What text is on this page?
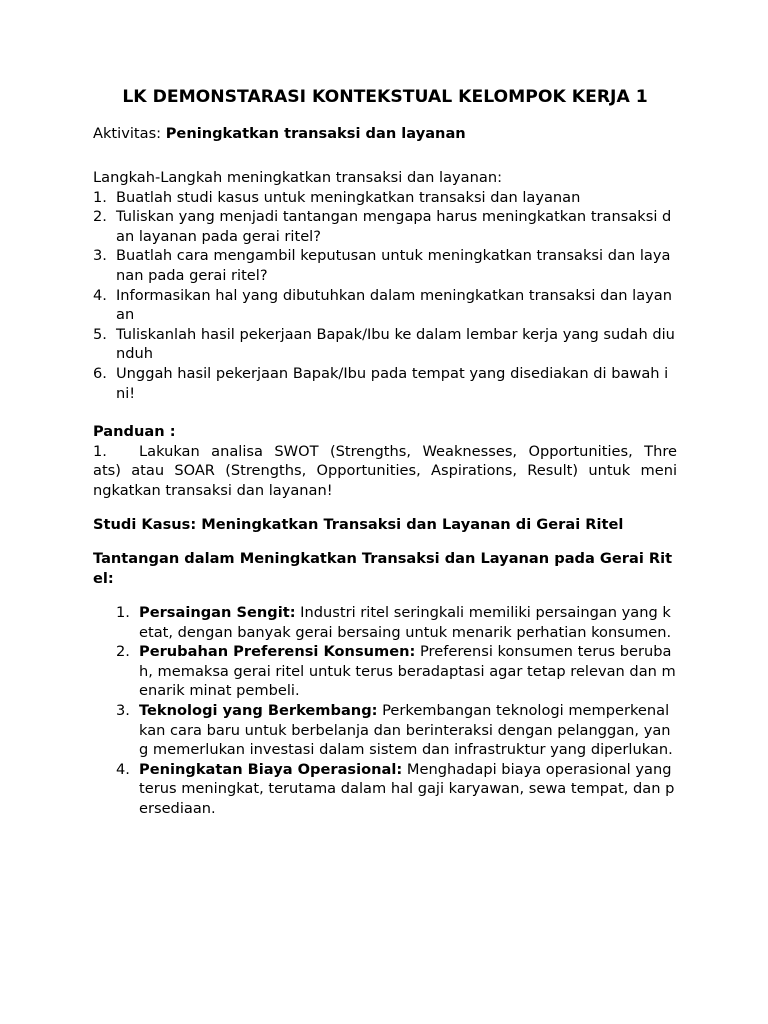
LK DEMONSTARASI KONTEKSTUAL KELOMPOK KERJA 1
Aktivitas: Peningkatkan transaksi dan layanan
Langkah-Langkah meningkatkan transaksi dan layanan:
1. Buatlah studi kasus untuk meningkatkan transaksi dan layanan
2. Tuliskan yang menjadi tantangan mengapa harus meningkatkan transaksi dan layanan pada gerai ritel?
3. Buatlah cara mengambil keputusan untuk meningkatkan transaksi dan layanan pada gerai ritel?
4. Informasikan hal yang dibutuhkan dalam meningkatkan transaksi dan layanan
5. Tuliskanlah hasil pekerjaan Bapak/Ibu ke dalam lembar kerja yang sudah diunduh
6. Unggah hasil pekerjaan Bapak/Ibu pada tempat yang disediakan di bawah ini!
Panduan :
1. Lakukan analisa SWOT (Strengths, Weaknesses, Opportunities, Thre
ats) atau SOAR (Strengths, Opportunities, Aspirations, Result) untuk meni
ngkatkan transaksi dan layanan!
Studi Kasus: Meningkatkan Transaksi dan Layanan di Gerai Ritel
Tantangan dalam Meningkatkan Transaksi dan Layanan pada Gerai Ritel:
1. Persaingan Sengit: Industri ritel seringkali memiliki persaingan yang ketat, dengan banyak gerai bersaing untuk menarik perhatian konsumen.
2. Perubahan Preferensi Konsumen: Preferensi konsumen terus berubah, memaksa gerai ritel untuk terus beradaptasi agar tetap relevan dan menarik minat pembeli.
3. Teknologi yang Berkembang: Perkembangan teknologi memperkenalkan cara baru untuk berbelanja dan berinteraksi dengan pelanggan, yang memerlukan investasi dalam sistem dan infrastruktur yang diperlukan.
4. Peningkatan Biaya Operasional: Menghadapi biaya operasional yang terus meningkat, terutama dalam hal gaji karyawan, sewa tempat, dan persediaan.
